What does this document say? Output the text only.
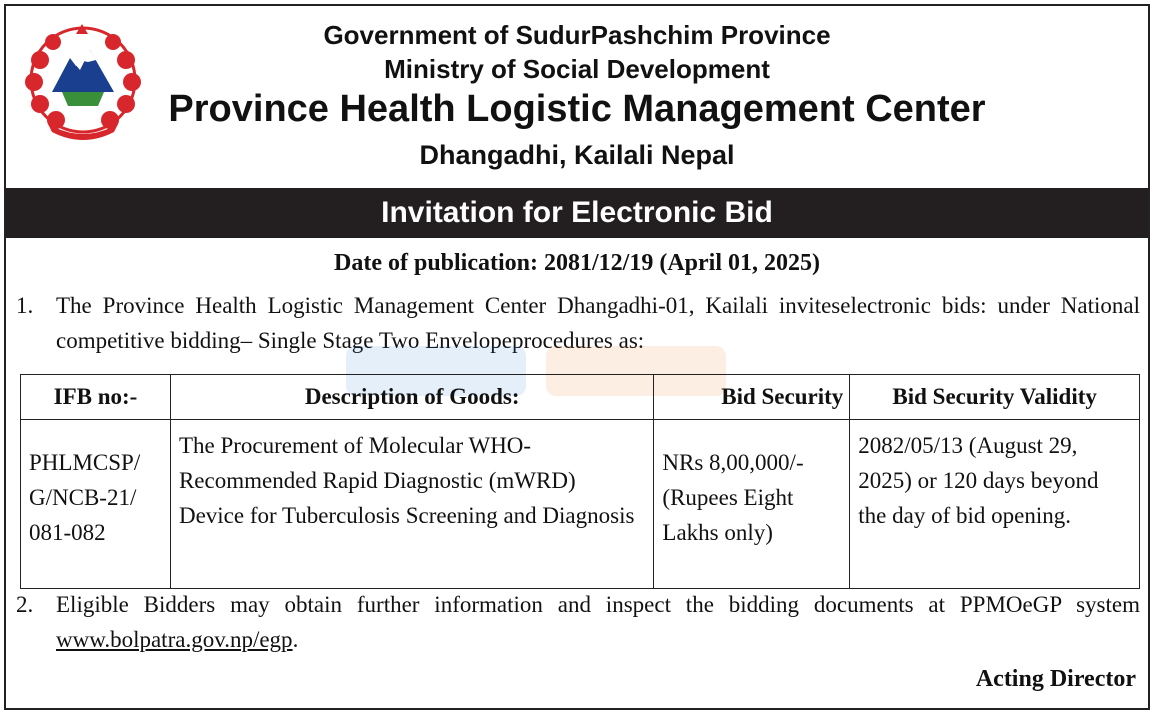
Government of SudurPashchim Province
Ministry of Social Development
Province Health Logistic Management Center
Dhangadhi, Kailali Nepal
Invitation for Electronic Bid
Date of publication: 2081/12/19 (April 01, 2025)
1. The Province Health Logistic Management Center Dhangadhi-01, Kailali inviteselectronic bids: under National competitive bidding– Single Stage Two Envelopeprocedures as:
IFB no:-	Description of Goods:	Bid Security	Bid Security Validity
PHLMCSP/ G/NCB-21/ 081-082	The Procurement of Molecular WHO-Recommended Rapid Diagnostic (mWRD) Device for Tuberculosis Screening and Diagnosis	NRs 8,00,000/- (Rupees Eight Lakhs only)	2082/05/13 (August 29, 2025) or 120 days beyond the day of bid opening.
2. Eligible Bidders may obtain further information and inspect the bidding documents at PPMOeGP system www.bolpatra.gov.np/egp.
Acting Director
